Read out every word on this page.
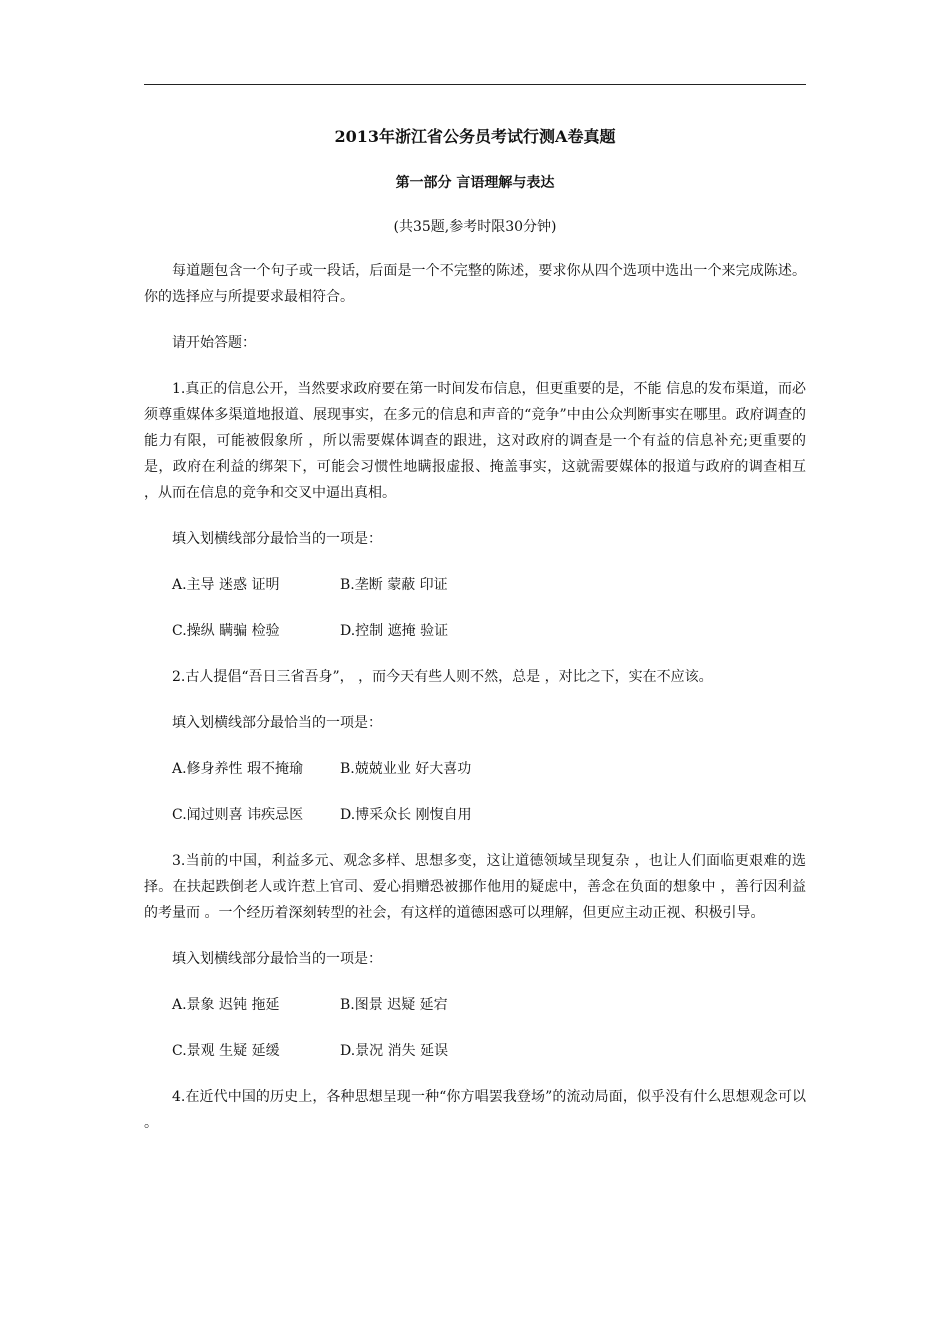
2013年浙江省公务员考试行测A卷真题
第一部分 言语理解与表达
(共35题,参考时限30分钟)

每道题包含一个句子或一段话，后面是一个不完整的陈述，要求你从四个选项中选出一个来完成陈述。你的选择应与所提要求最相符合。

请开始答题：

1.真正的信息公开，当然要求政府要在第一时间发布信息，但更重要的是，不能 信息的发布渠道，而必须尊重媒体多渠道地报道、展现事实，在多元的信息和声音的“竞争”中由公众判断事实在哪里。政府调查的能力有限，可能被假象所 ，所以需要媒体调查的跟进，这对政府的调查是一个有益的信息补充;更重要的是，政府在利益的绑架下，可能会习惯性地瞒报虚报、掩盖事实，这就需要媒体的报道与政府的调查相互 ，从而在信息的竞争和交叉中逼出真相。

填入划横线部分最恰当的一项是：

A.主导 迷惑 证明	B.垄断 蒙蔽 印证
C.操纵 瞒骗 检验	D.控制 遮掩 验证

2.古人提倡“吾日三省吾身”， ，而今天有些人则不然，总是 ，对比之下，实在不应该。

填入划横线部分最恰当的一项是：

A.修身养性 瑕不掩瑜	B.兢兢业业 好大喜功
C.闻过则喜 讳疾忌医	D.博采众长 刚愎自用

3.当前的中国，利益多元、观念多样、思想多变，这让道德领域呈现复杂 ，也让人们面临更艰难的选择。在扶起跌倒老人或许惹上官司、爱心捐赠恐被挪作他用的疑虑中，善念在负面的想象中 ，善行因利益的考量而 。一个经历着深刻转型的社会，有这样的道德困惑可以理解，但更应主动正视、积极引导。

填入划横线部分最恰当的一项是：

A.景象 迟钝 拖延	B.图景 迟疑 延宕
C.景观 生疑 延缓	D.景况 消失 延误

4.在近代中国的历史上，各种思想呈现一种“你方唱罢我登场”的流动局面，似乎没有什么思想观念可以 。
